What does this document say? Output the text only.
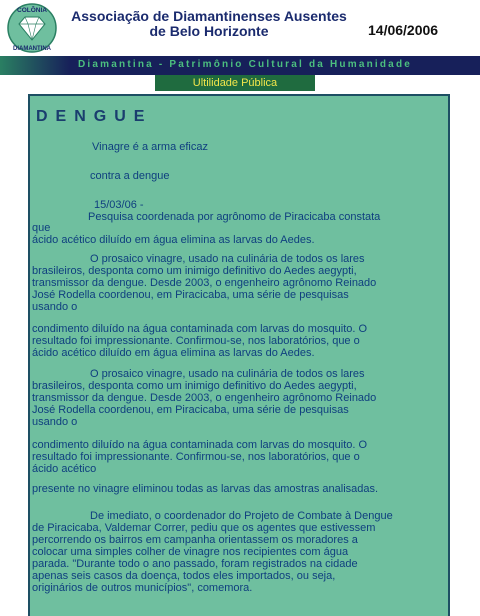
COLÔNIA
DIAMANTINA
Associação de Diamantinenses Ausentes
de Belo Horizonte	14/06/2006
Diamantina - Patrimônio Cultural da Humanidade
Ultilidade Pública
DENGUE
Vinagre é a arma eficaz
contra a dengue
15/03/06 -
Pesquisa coordenada por agrônomo de Piracicaba constata
que
ácido acético diluído em água elimina as larvas do Aedes.
O prosaico vinagre, usado na culinária de todos os lares
brasileiros, desponta como um inimigo definitivo do Aedes aegypti,
transmissor da dengue. Desde 2003, o engenheiro agrônomo Reinado
José Rodella coordenou, em Piracicaba, uma série de pesquisas
usando o
condimento diluído na água contaminada com larvas do mosquito. O
resultado foi impressionante. Confirmou-se, nos laboratórios, que o
ácido acético diluído em água elimina as larvas do Aedes.
O prosaico vinagre, usado na culinária de todos os lares
brasileiros, desponta como um inimigo definitivo do Aedes aegypti,
transmissor da dengue. Desde 2003, o engenheiro agrônomo Reinado
José Rodella coordenou, em Piracicaba, uma série de pesquisas
usando o
condimento diluído na água contaminada com larvas do mosquito. O
resultado foi impressionante. Confirmou-se, nos laboratórios, que o
ácido acético
presente no vinagre eliminou todas as larvas das amostras analisadas.
De imediato, o coordenador do Projeto de Combate à Dengue
de Piracicaba, Valdemar Correr, pediu que os agentes que estivessem
percorrendo os bairros em campanha orientassem os moradores a
colocar uma simples colher de vinagre nos recipientes com água
parada. "Durante todo o ano passado, foram registrados na cidade
apenas seis casos da doença, todos eles importados, ou seja,
originários de outros municípios", comemora.
